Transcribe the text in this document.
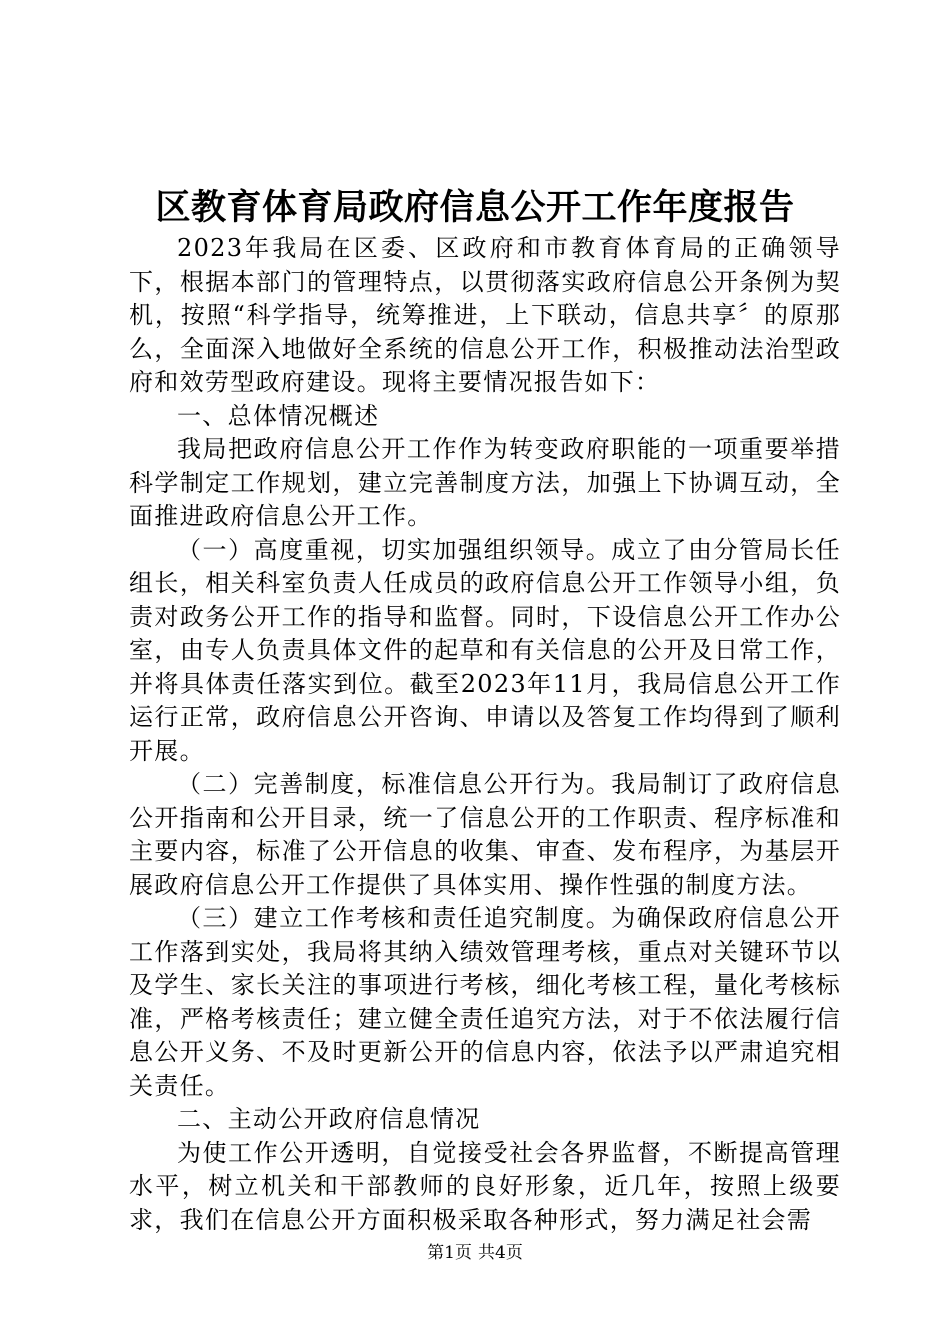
区教育体育局政府信息公开工作年度报告

2023年我局在区委、区政府和市教育体育局的正确领导下，根据本部门的管理特点，以贯彻落实政府信息公开条例为契机，按照“科学指导，统筹推进，上下联动，信息共享〞的原那么，全面深入地做好全系统的信息公开工作，积极推动法治型政府和效劳型政府建设。现将主要情况报告如下：

一、总体情况概述

我局把政府信息公开工作作为转变政府职能的一项重要举措科学制定工作规划，建立完善制度方法，加强上下协调互动，全面推进政府信息公开工作。

（一）高度重视，切实加强组织领导。成立了由分管局长任组长，相关科室负责人任成员的政府信息公开工作领导小组，负责对政务公开工作的指导和监督。同时，下设信息公开工作办公室，由专人负责具体文件的起草和有关信息的公开及日常工作，并将具体责任落实到位。截至2023年11月，我局信息公开工作运行正常，政府信息公开咨询、申请以及答复工作均得到了顺利开展。

（二）完善制度，标准信息公开行为。我局制订了政府信息公开指南和公开目录，统一了信息公开的工作职责、程序标准和主要内容，标准了公开信息的收集、审查、发布程序，为基层开展政府信息公开工作提供了具体实用、操作性强的制度方法。

（三）建立工作考核和责任追究制度。为确保政府信息公开工作落到实处，我局将其纳入绩效管理考核，重点对关键环节以及学生、家长关注的事项进行考核，细化考核工程，量化考核标准，严格考核责任；建立健全责任追究方法，对于不依法履行信息公开义务、不及时更新公开的信息内容，依法予以严肃追究相关责任。

二、主动公开政府信息情况

为使工作公开透明，自觉接受社会各界监督，不断提高管理水平，树立机关和干部教师的良好形象，近几年，按照上级要求，我们在信息公开方面积极采取各种形式，努力满足社会需

第1页 共4页
